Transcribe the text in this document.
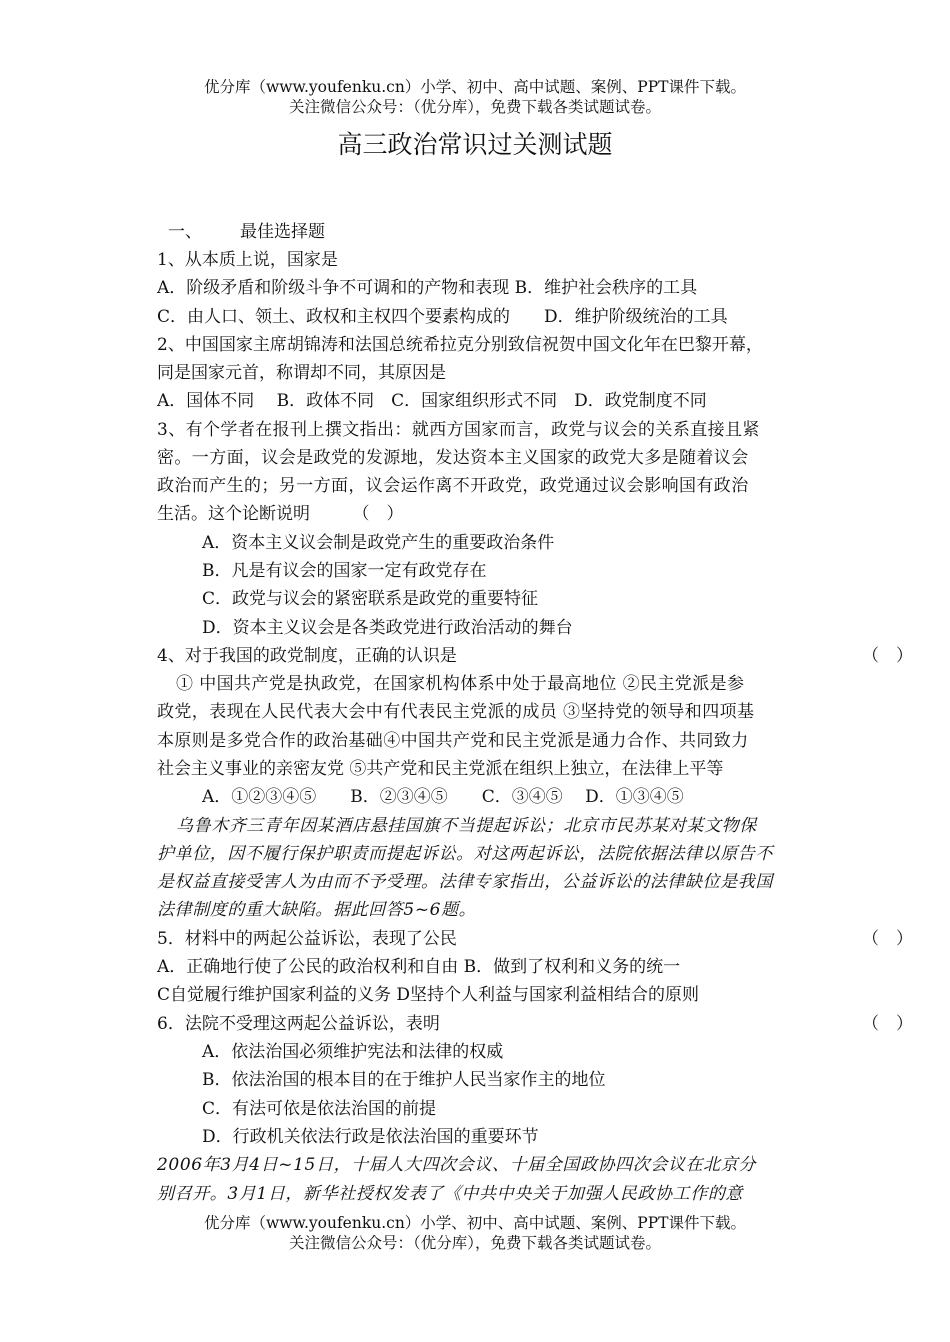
优分库（www.youfenku.cn）小学、初中、高中试题、案例、PPT课件下载。
关注微信公众号：（优分库），免费下载各类试题试卷。
高三政治常识过关测试题
一、 最佳选择题
1、从本质上说，国家是
A．阶级矛盾和阶级斗争不可调和的产物和表现 B．维护社会秩序的工具
C．由人口、领土、政权和主权四个要素构成的　　D．维护阶级统治的工具
2、中国国家主席胡锦涛和法国总统希拉克分别致信祝贺中国文化年在巴黎开幕，
同是国家元首，称谓却不同，其原因是
A．国体不同　 B．政体不同　C．国家组织形式不同　D．政党制度不同
3、有个学者在报刊上撰文指出：就西方国家而言，政党与议会的关系直接且紧
密。一方面，议会是政党的发源地，发达资本主义国家的政党大多是随着议会
政治而产生的；另一方面，议会运作离不开政党，政党通过议会影响国有政治
生活。这个论断说明　　　（　）
A．资本主义议会制是政党产生的重要政治条件
B．凡是有议会的国家一定有政党存在
C．政党与议会的紧密联系是政党的重要特征
D．资本主义议会是各类政党进行政治活动的舞台
4、对于我国的政党制度，正确的认识是	（　）
① 中国共产党是执政党，在国家机构体系中处于最高地位 ②民主党派是参
政党，表现在人民代表大会中有代表民主党派的成员 ③坚持党的领导和四项基
本原则是多党合作的政治基础④中国共产党和民主党派是通力合作、共同致力
社会主义事业的亲密友党 ⑤共产党和民主党派在组织上独立，在法律上平等
A．①②③④⑤　　B．②③④⑤　　C．③④⑤　 D．①③④⑤
乌鲁木齐三青年因某酒店悬挂国旗不当提起诉讼；北京市民苏某对某文物保
护单位，因不履行保护职责而提起诉讼。对这两起诉讼，法院依据法律以原告不
是权益直接受害人为由而不予受理。法律专家指出，公益诉讼的法律缺位是我国
法律制度的重大缺陷。据此回答5~6题。
5．材料中的两起公益诉讼，表现了公民	（　）
A．正确地行使了公民的政治权利和自由 B．做到了权利和义务的统一
C自觉履行维护国家利益的义务 D坚持个人利益与国家利益相结合的原则
6．法院不受理这两起公益诉讼，表明	（　）
A．依法治国必须维护宪法和法律的权威
B．依法治国的根本目的在于维护人民当家作主的地位
C．有法可依是依法治国的前提
D．行政机关依法行政是依法治国的重要环节
2006年3月4日~15日，十届人大四次会议、十届全国政协四次会议在北京分
别召开。3月1日，新华社授权发表了《中共中央关于加强人民政协工作的意
优分库（www.youfenku.cn）小学、初中、高中试题、案例、PPT课件下载。
关注微信公众号：（优分库），免费下载各类试题试卷。
